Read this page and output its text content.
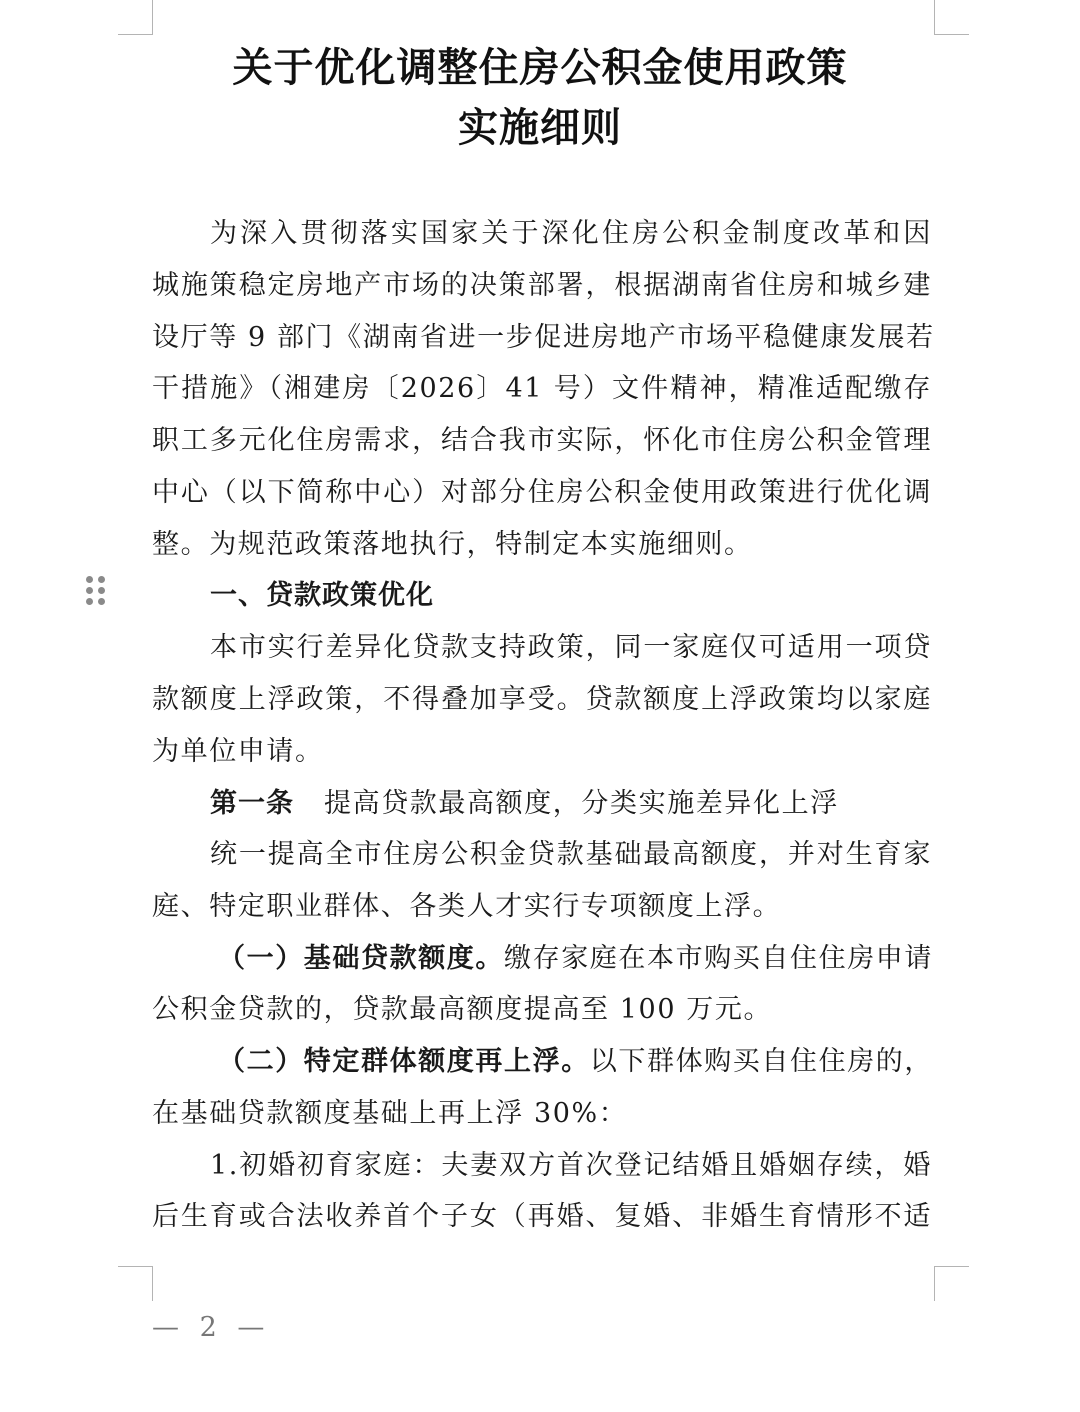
关于优化调整住房公积金使用政策
实施细则
为深入贯彻落实国家关于深化住房公积金制度改革和因
城施策稳定房地产市场的决策部署，根据湖南省住房和城乡建
设厅等 9 部门《湖南省进一步促进房地产市场平稳健康发展若
干措施》（湘建房〔2026〕41 号）文件精神，精准适配缴存
职工多元化住房需求，结合我市实际，怀化市住房公积金管理
中心（以下简称中心）对部分住房公积金使用政策进行优化调
整。为规范政策落地执行，特制定本实施细则。
一、贷款政策优化
本市实行差异化贷款支持政策，同一家庭仅可适用一项贷
款额度上浮政策，不得叠加享受。贷款额度上浮政策均以家庭
为单位申请。
第一条 提高贷款最高额度，分类实施差异化上浮
统一提高全市住房公积金贷款基础最高额度，并对生育家
庭、特定职业群体、各类人才实行专项额度上浮。
（一）基础贷款额度。缴存家庭在本市购买自住住房申请
公积金贷款的，贷款最高额度提高至 100 万元。
（二）特定群体额度再上浮。以下群体购买自住住房的，
在基础贷款额度基础上再上浮 30%：
1.初婚初育家庭：夫妻双方首次登记结婚且婚姻存续，婚
后生育或合法收养首个子女（再婚、复婚、非婚生育情形不适
— 2 —
